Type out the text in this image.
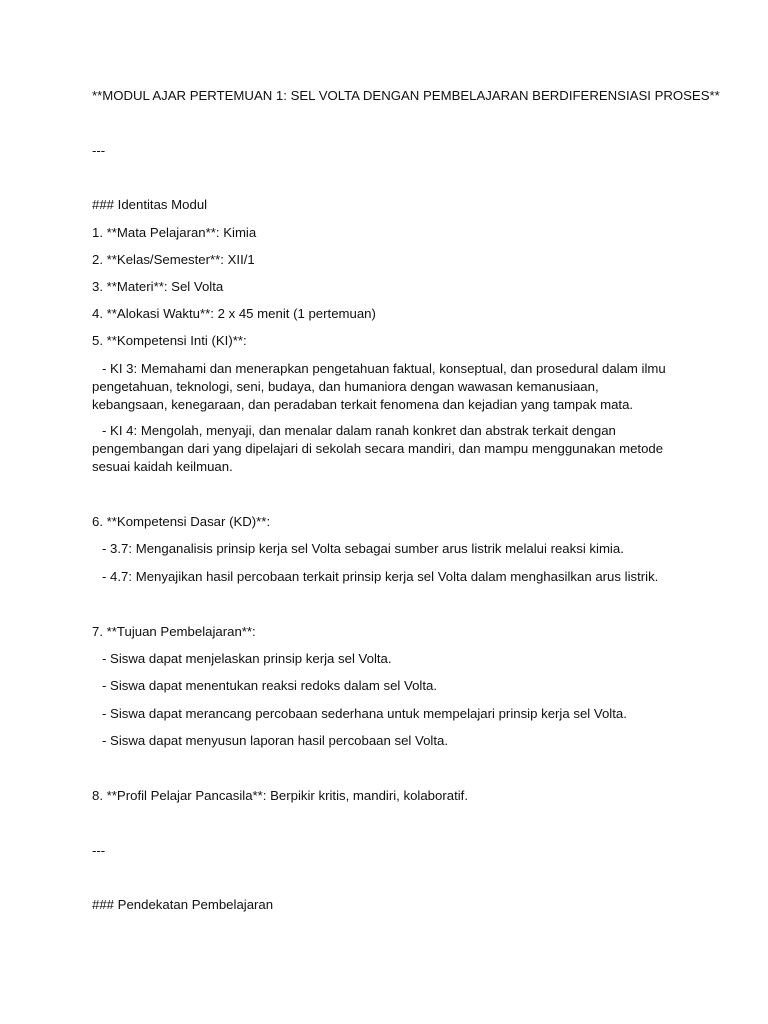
**MODUL AJAR PERTEMUAN 1: SEL VOLTA DENGAN PEMBELAJARAN BERDIFERENSIASI PROSES**
---
### Identitas Modul
1. **Mata Pelajaran**: Kimia
2. **Kelas/Semester**: XII/1
3. **Materi**: Sel Volta
4. **Alokasi Waktu**: 2 x 45 menit (1 pertemuan)
5. **Kompetensi Inti (KI)**:
- KI 3: Memahami dan menerapkan pengetahuan faktual, konseptual, dan prosedural dalam ilmu pengetahuan, teknologi, seni, budaya, dan humaniora dengan wawasan kemanusiaan, kebangsaan, kenegaraan, dan peradaban terkait fenomena dan kejadian yang tampak mata.
- KI 4: Mengolah, menyaji, dan menalar dalam ranah konkret dan abstrak terkait dengan pengembangan dari yang dipelajari di sekolah secara mandiri, dan mampu menggunakan metode sesuai kaidah keilmuan.
6. **Kompetensi Dasar (KD)**:
- 3.7: Menganalisis prinsip kerja sel Volta sebagai sumber arus listrik melalui reaksi kimia.
- 4.7: Menyajikan hasil percobaan terkait prinsip kerja sel Volta dalam menghasilkan arus listrik.
7. **Tujuan Pembelajaran**:
- Siswa dapat menjelaskan prinsip kerja sel Volta.
- Siswa dapat menentukan reaksi redoks dalam sel Volta.
- Siswa dapat merancang percobaan sederhana untuk mempelajari prinsip kerja sel Volta.
- Siswa dapat menyusun laporan hasil percobaan sel Volta.
8. **Profil Pelajar Pancasila**: Berpikir kritis, mandiri, kolaboratif.
---
### Pendekatan Pembelajaran
